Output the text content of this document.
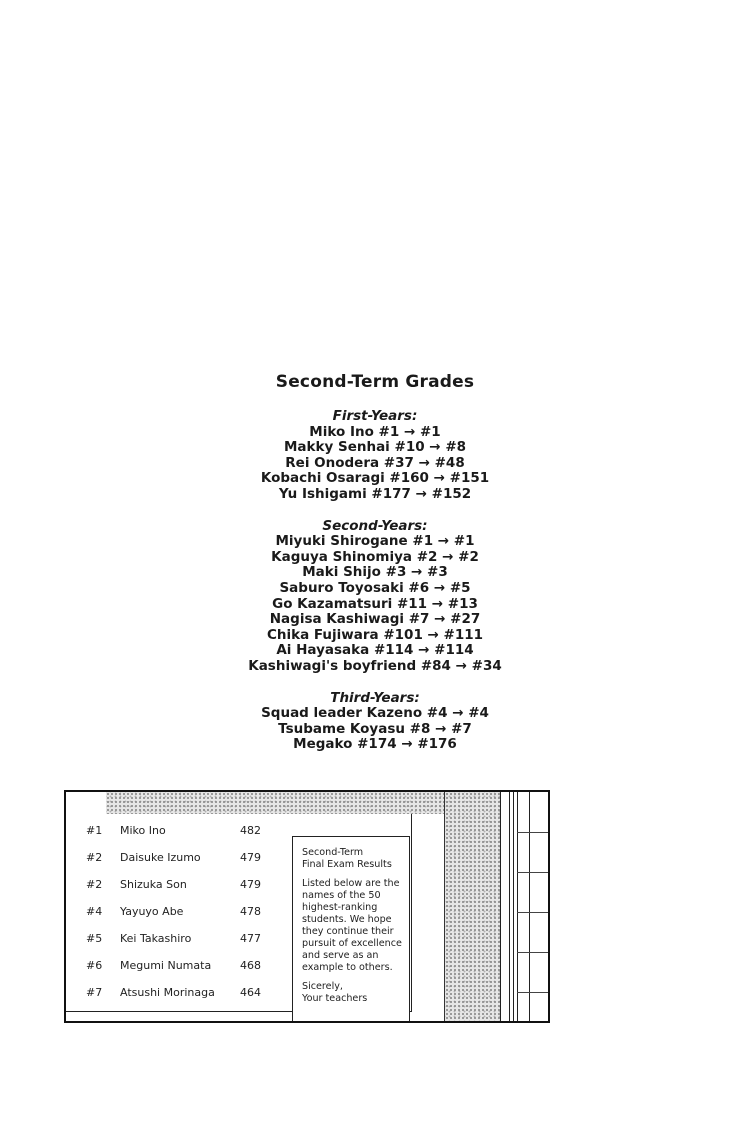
Second-Term Grades
First-Years:
Miko Ino #1 → #1
Makky Senhai #10 → #8
Rei Onodera #37 → #48
Kobachi Osaragi #160 → #151
Yu Ishigami #177 → #152
Second-Years:
Miyuki Shirogane #1 → #1
Kaguya Shinomiya #2 → #2
Maki Shijo #3 → #3
Saburo Toyosaki #6 → #5
Go Kazamatsuri #11 → #13
Nagisa Kashiwagi #7 → #27
Chika Fujiwara #101 → #111
Ai Hayasaka #114 → #114
Kashiwagi's boyfriend #84 → #34
Third-Years:
Squad leader Kazeno #4 → #4
Tsubame Koyasu #8 → #7
Megako #174 → #176
#1 Miko Ino	482
#2 Daisuke Izumo	479
#2 Shizuka Son	479
#4 Yayuyo Abe	478
#5 Kei Takashiro	477
#6 Megumi Numata	468
#7 Atsushi Morinaga 464

Second-Term
Final Exam Results

Listed below are the names of the 50 highest-ranking students. We hope they continue their pursuit of excellence and serve as an example to others.

Sicerely,
Your teachers
